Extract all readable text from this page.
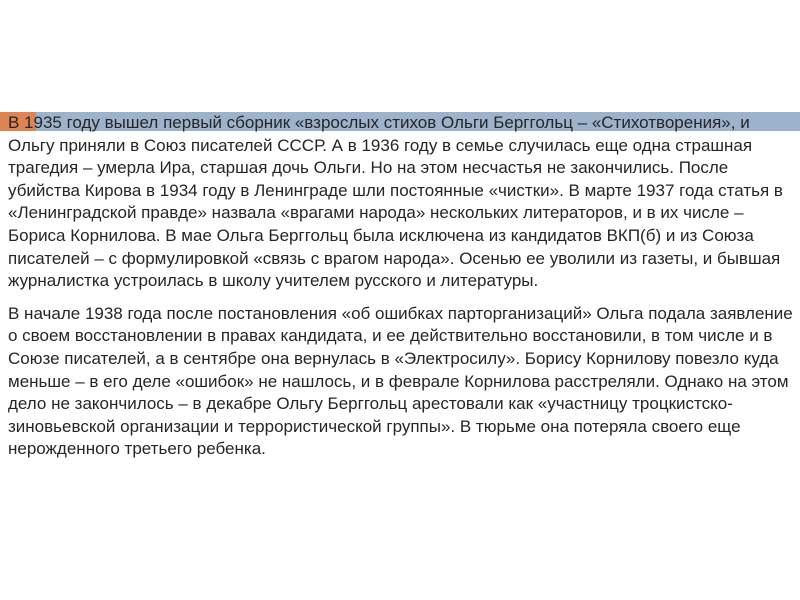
В 1935 году вышел первый сборник «взрослых стихов Ольги Берггольц – «Стихотворения», и Ольгу приняли в Союз писателей СССР. А в 1936 году в семье случилась еще одна страшная трагедия – умерла Ира, старшая дочь Ольги. Но на этом несчастья не закончились. После убийства Кирова в 1934 году в Ленинграде шли постоянные «чистки». В марте 1937 года статья в «Ленинградской правде» назвала «врагами народа» нескольких литераторов, и в их числе – Бориса Корнилова. В мае Ольга Берггольц была исключена из кандидатов ВКП(б) и из Союза писателей – с формулировкой «связь с врагом народа». Осенью ее уволили из газеты, и бывшая журналистка устроилась в школу учителем русского и литературы.

В начале 1938 года после постановления «об ошибках парторганизаций» Ольга подала заявление о своем восстановлении в правах кандидата, и ее действительно восстановили, в том числе и в Союзе писателей, а в сентябре она вернулась в «Электросилу». Борису Корнилову повезло куда меньше – в его деле «ошибок» не нашлось, и в феврале Корнилова расстреляли. Однако на этом дело не закончилось – в декабре Ольгу Берггольц арестовали как «участницу троцкистско-зиновьевской организации и террористической группы». В тюрьме она потеряла своего еще нерожденного третьего ребенка.
